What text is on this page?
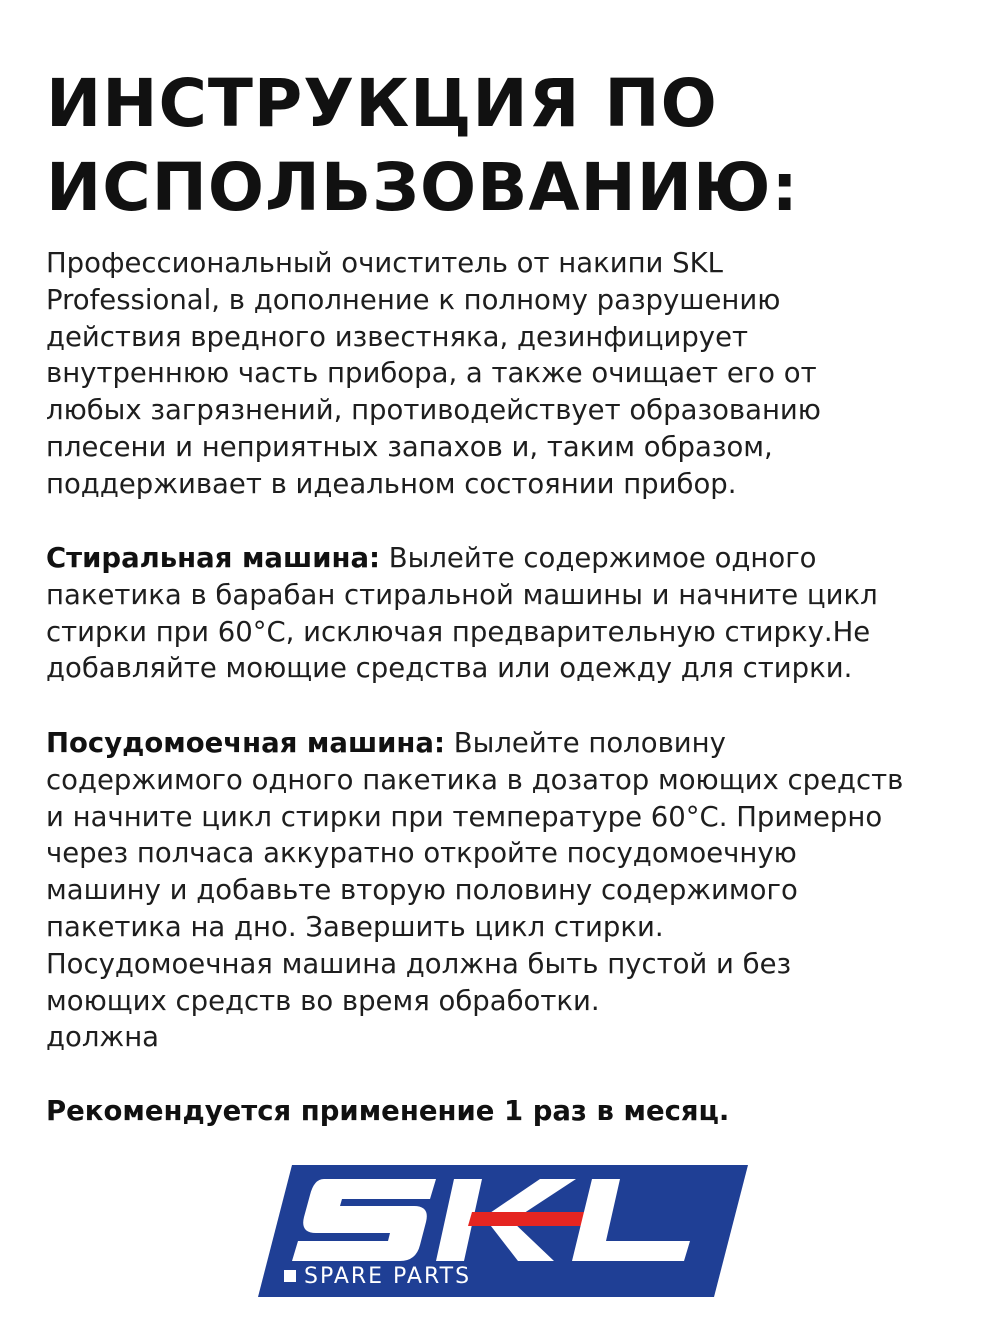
ИНСТРУКЦИЯ ПО
ИСПОЛЬЗОВАНИЮ:

Профессиональный очиститель от накипи SKL
Professional, в дополнение к полному разрушению
действия вредного известняка, дезинфицирует
внутреннюю часть прибора, а также очищает его от
любых загрязнений, противодействует образованию
плесени и неприятных запахов и, таким образом,
поддерживает в идеальном состоянии прибор.

Стиральная машина: Вылейте содержимое одного
пакетика в барабан стиральной машины и начните цикл
стирки при 60°C, исключая предварительную стирку.Не
добавляйте моющие средства или одежду для стирки.

Посудомоечная машина: Вылейте половину
содержимого одного пакетика в дозатор моющих средств
и начните цикл стирки при температуре 60°C. Примерно
через полчаса аккуратно откройте посудомоечную
машину и добавьте вторую половину содержимого
пакетика на дно. Завершить цикл стирки.
Посудомоечная машина должна быть пустой и без
моющих средств во время обработки.
должна

Рекомендуется применение 1 раз в месяц.

SPARE PARTS
